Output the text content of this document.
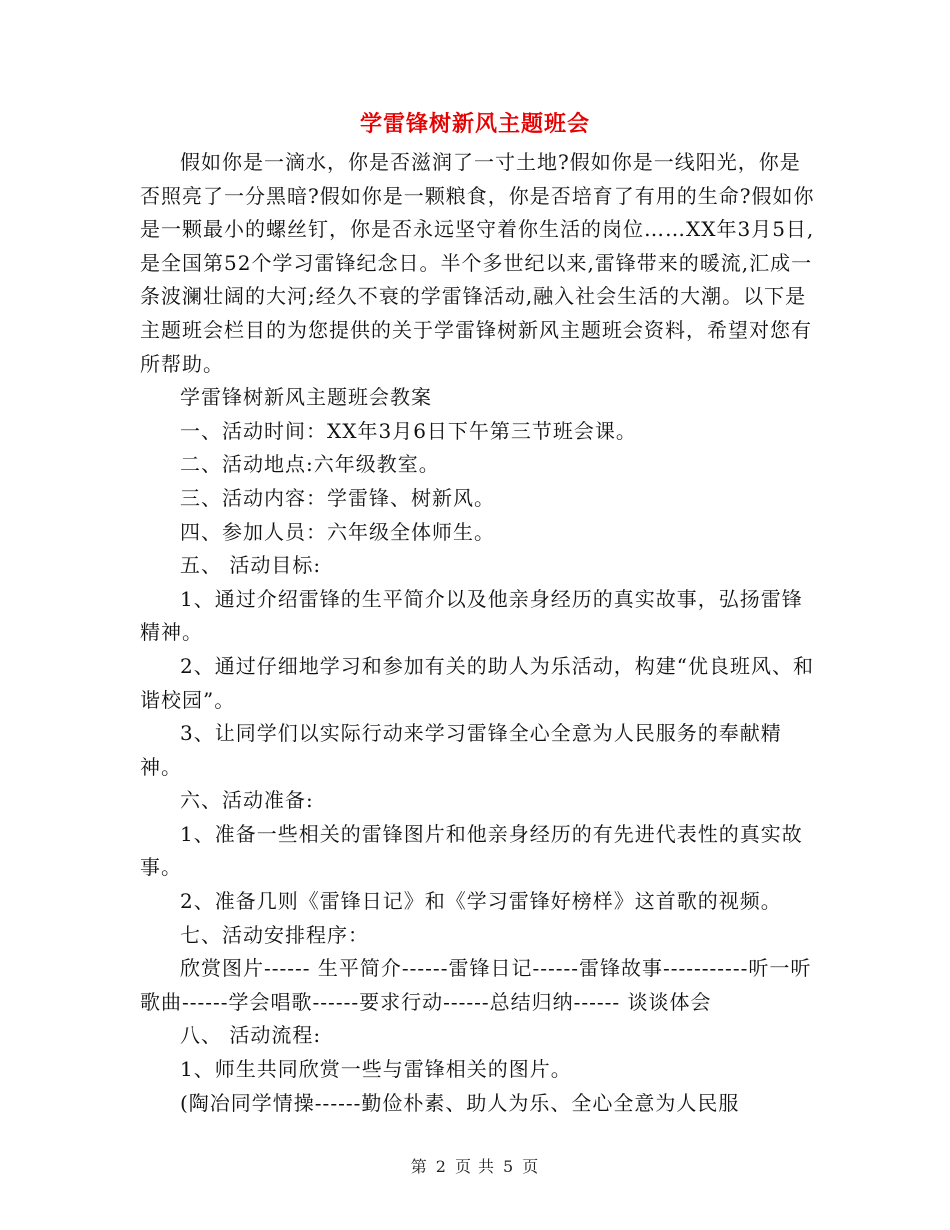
学雷锋树新风主题班会

假如你是一滴水，你是否滋润了一寸土地?假如你是一线阳光，你是否照亮了一分黑暗?假如你是一颗粮食，你是否培育了有用的生命?假如你是一颗最小的螺丝钉，你是否永远坚守着你生活的岗位……XX年3月5日,是全国第52个学习雷锋纪念日。半个多世纪以来,雷锋带来的暖流,汇成一条波澜壮阔的大河;经久不衰的学雷锋活动,融入社会生活的大潮。以下是主题班会栏目的为您提供的关于学雷锋树新风主题班会资料，希望对您有所帮助。

学雷锋树新风主题班会教案

一、活动时间：XX年3月6日下午第三节班会课。

二、活动地点:六年级教室。

三、活动内容：学雷锋、树新风。

四、参加人员：六年级全体师生。

五、 活动目标:

1、通过介绍雷锋的生平简介以及他亲身经历的真实故事，弘扬雷锋精神。

2、通过仔细地学习和参加有关的助人为乐活动，构建“优良班风、和谐校园”。

3、让同学们以实际行动来学习雷锋全心全意为人民服务的奉献精神。

六、活动准备:

1、准备一些相关的雷锋图片和他亲身经历的有先进代表性的真实故事。

2、准备几则《雷锋日记》和《学习雷锋好榜样》这首歌的视频。

七、活动安排程序：

欣赏图片------ 生平简介------雷锋日记------雷锋故事-----------听一听歌曲------学会唱歌------要求行动------总结归纳------ 谈谈体会

八、 活动流程:

1、师生共同欣赏一些与雷锋相关的图片。

(陶冶同学情操------勤俭朴素、助人为乐、全心全意为人民服

第 2 页 共 5 页
